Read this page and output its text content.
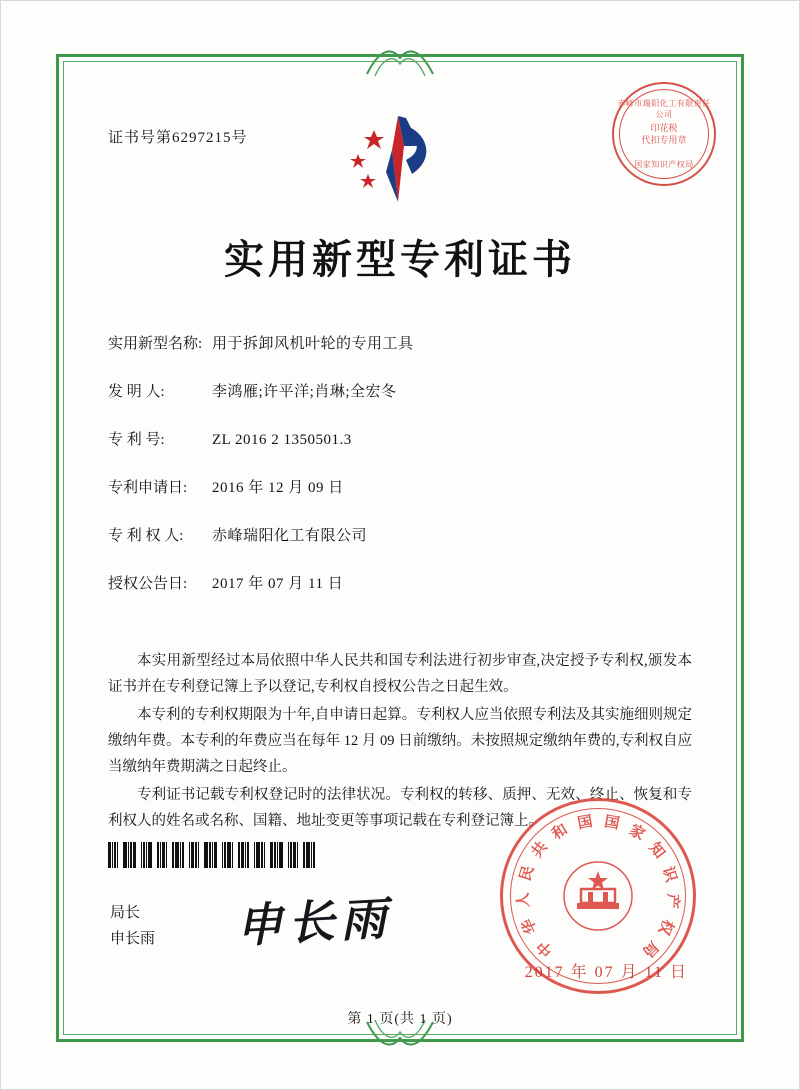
证书号第6297215号
赤峰市瑞阳化工有限责任公司
印花税
代扣专用章
国家知识产权局
实用新型专利证书
实用新型名称: 用于拆卸风机叶轮的专用工具
发 明 人:	李鸿雁;许平洋;肖琳;全宏冬
专 利 号:	ZL 2016 2 1350501.3
专利申请日:	2016 年 12 月 09 日
专 利 权 人:	赤峰瑞阳化工有限公司
授权公告日:	2017 年 07 月 11 日

本实用新型经过本局依照中华人民共和国专利法进行初步审查,决定授予专利权,颁发本证书并在专利登记簿上予以登记,专利权自授权公告之日起生效。

本专利的专利权期限为十年,自申请日起算。专利权人应当依照专利法及其实施细则规定缴纳年费。本专利的年费应当在每年 12 月 09 日前缴纳。未按照规定缴纳年费的,专利权自应当缴纳年费期满之日起终止。

专利证书记载专利权登记时的法律状况。专利权的转移、质押、无效、终止、恢复和专利权人的姓名或名称、国籍、地址变更等事项记载在专利登记簿上。

局长
申长雨 申长雨	中
华
人
民
共
和 国 国 家
知
识
产
权
局
2017 年 07 月 11 日
第 1 页(共 1 页)
